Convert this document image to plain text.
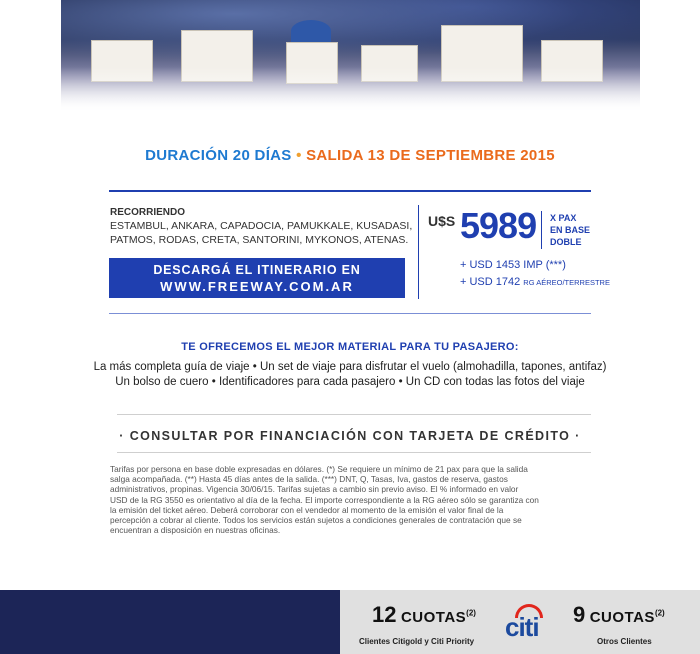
DURACIÓN 20 DÍAS • SALIDA 13 DE SEPTIEMBRE 2015
RECORRIENDO
ESTAMBUL, ANKARA, CAPADOCIA, PAMUKKALE, KUSADASI,
PATMOS, RODAS, CRETA, SANTORINI, MYKONOS, ATENAS.
DESCARGÁ EL ITINERARIO EN
WWW.FREEWAY.COM.AR
U$S 5989 X PAX
EN BASE
DOBLE
+ USD 1453 IMP (***)
+ USD 1742 RG AÉREO/TERRESTRE
TE OFRECEMOS EL MEJOR MATERIAL PARA TU PASAJERO:
La más completa guía de viaje • Un set de viaje para disfrutar el vuelo (almohadilla, tapones, antifaz)
Un bolso de cuero • Identificadores para cada pasajero • Un CD con todas las fotos del viaje
· CONSULTAR POR FINANCIACIÓN CON TARJETA DE CRÉDITO ·
Tarifas por persona en base doble expresadas en dólares. (*) Se requiere un mínimo de 21 pax para que la salida
salga acompañada. (**) Hasta 45 días antes de la salida. (***) DNT, Q, Tasas, Iva, gastos de reserva, gastos
administrativos, propinas. Vigencia 30/06/15. Tarifas sujetas a cambio sin previo aviso. El % informado en valor
USD de la RG 3550 es orientativo al día de la fecha. El importe correspondiente a la RG aéreo sólo se garantiza con
la emisión del ticket aéreo. Deberá corroborar con el vendedor al momento de la emisión el valor final de la
percepción a cobrar al cliente. Todos los servicios están sujetos a condiciones generales de contratación que se
encuentran a disposición en nuestras oficinas.
12 CUOTAS$^{(2)}$
Clientes Citigold y Citi Priority citi 9 CUOTAS$^{(2)}$
Otros Clientes
